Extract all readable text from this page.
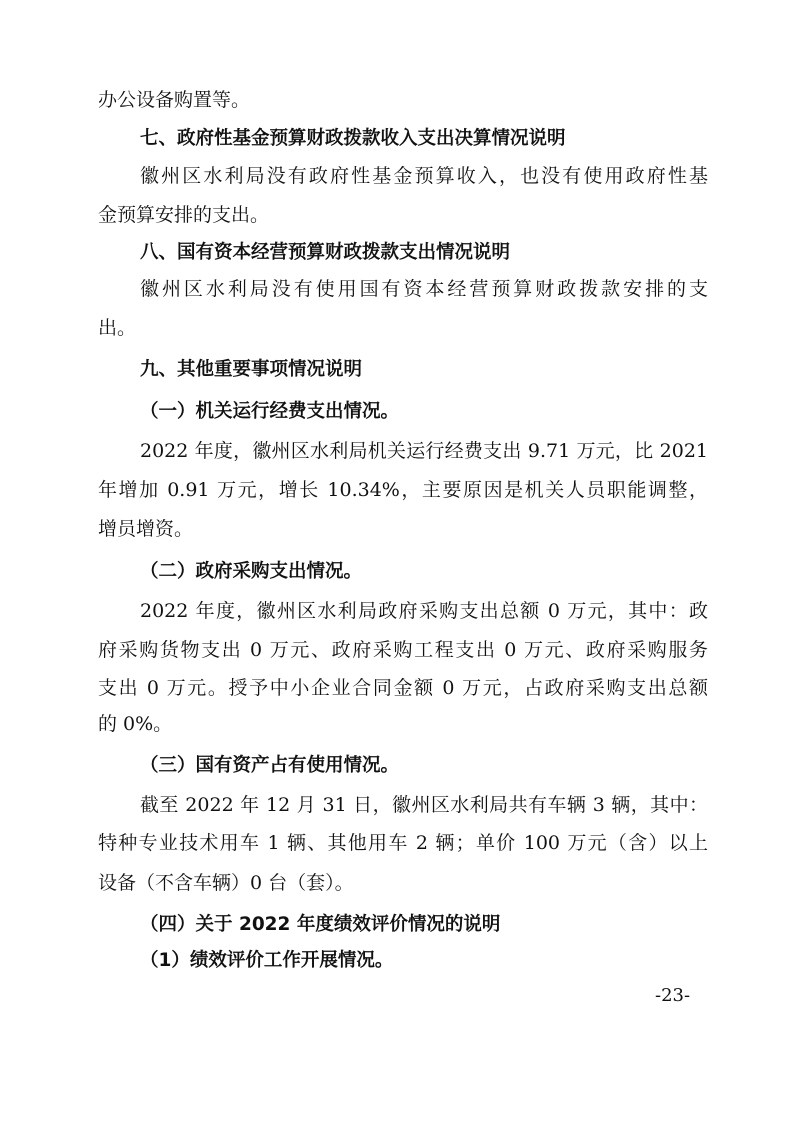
办公设备购置等。
七、政府性基金预算财政拨款收入支出决算情况说明
徽州区水利局没有政府性基金预算收入，也没有使用政府性基
金预算安排的支出。
八、国有资本经营预算财政拨款支出情况说明
徽州区水利局没有使用国有资本经营预算财政拨款安排的支
出。
九、其他重要事项情况说明
（一）机关运行经费支出情况。
2022 年度，徽州区水利局机关运行经费支出 9.71 万元，比 2021
年增加 0.91 万元，增长 10.34%，主要原因是机关人员职能调整，
增员增资。
（二）政府采购支出情况。
2022 年度，徽州区水利局政府采购支出总额 0 万元，其中：政
府采购货物支出 0 万元、政府采购工程支出 0 万元、政府采购服务
支出 0 万元。授予中小企业合同金额 0 万元，占政府采购支出总额
的 0%。
（三）国有资产占有使用情况。
截至 2022 年 12 月 31 日，徽州区水利局共有车辆 3 辆，其中：
特种专业技术用车 1 辆、其他用车 2 辆；单价 100 万元（含）以上
设备（不含车辆）0 台（套）。
（四）关于 2022 年度绩效评价情况的说明
（1）绩效评价工作开展情况。
-23-
